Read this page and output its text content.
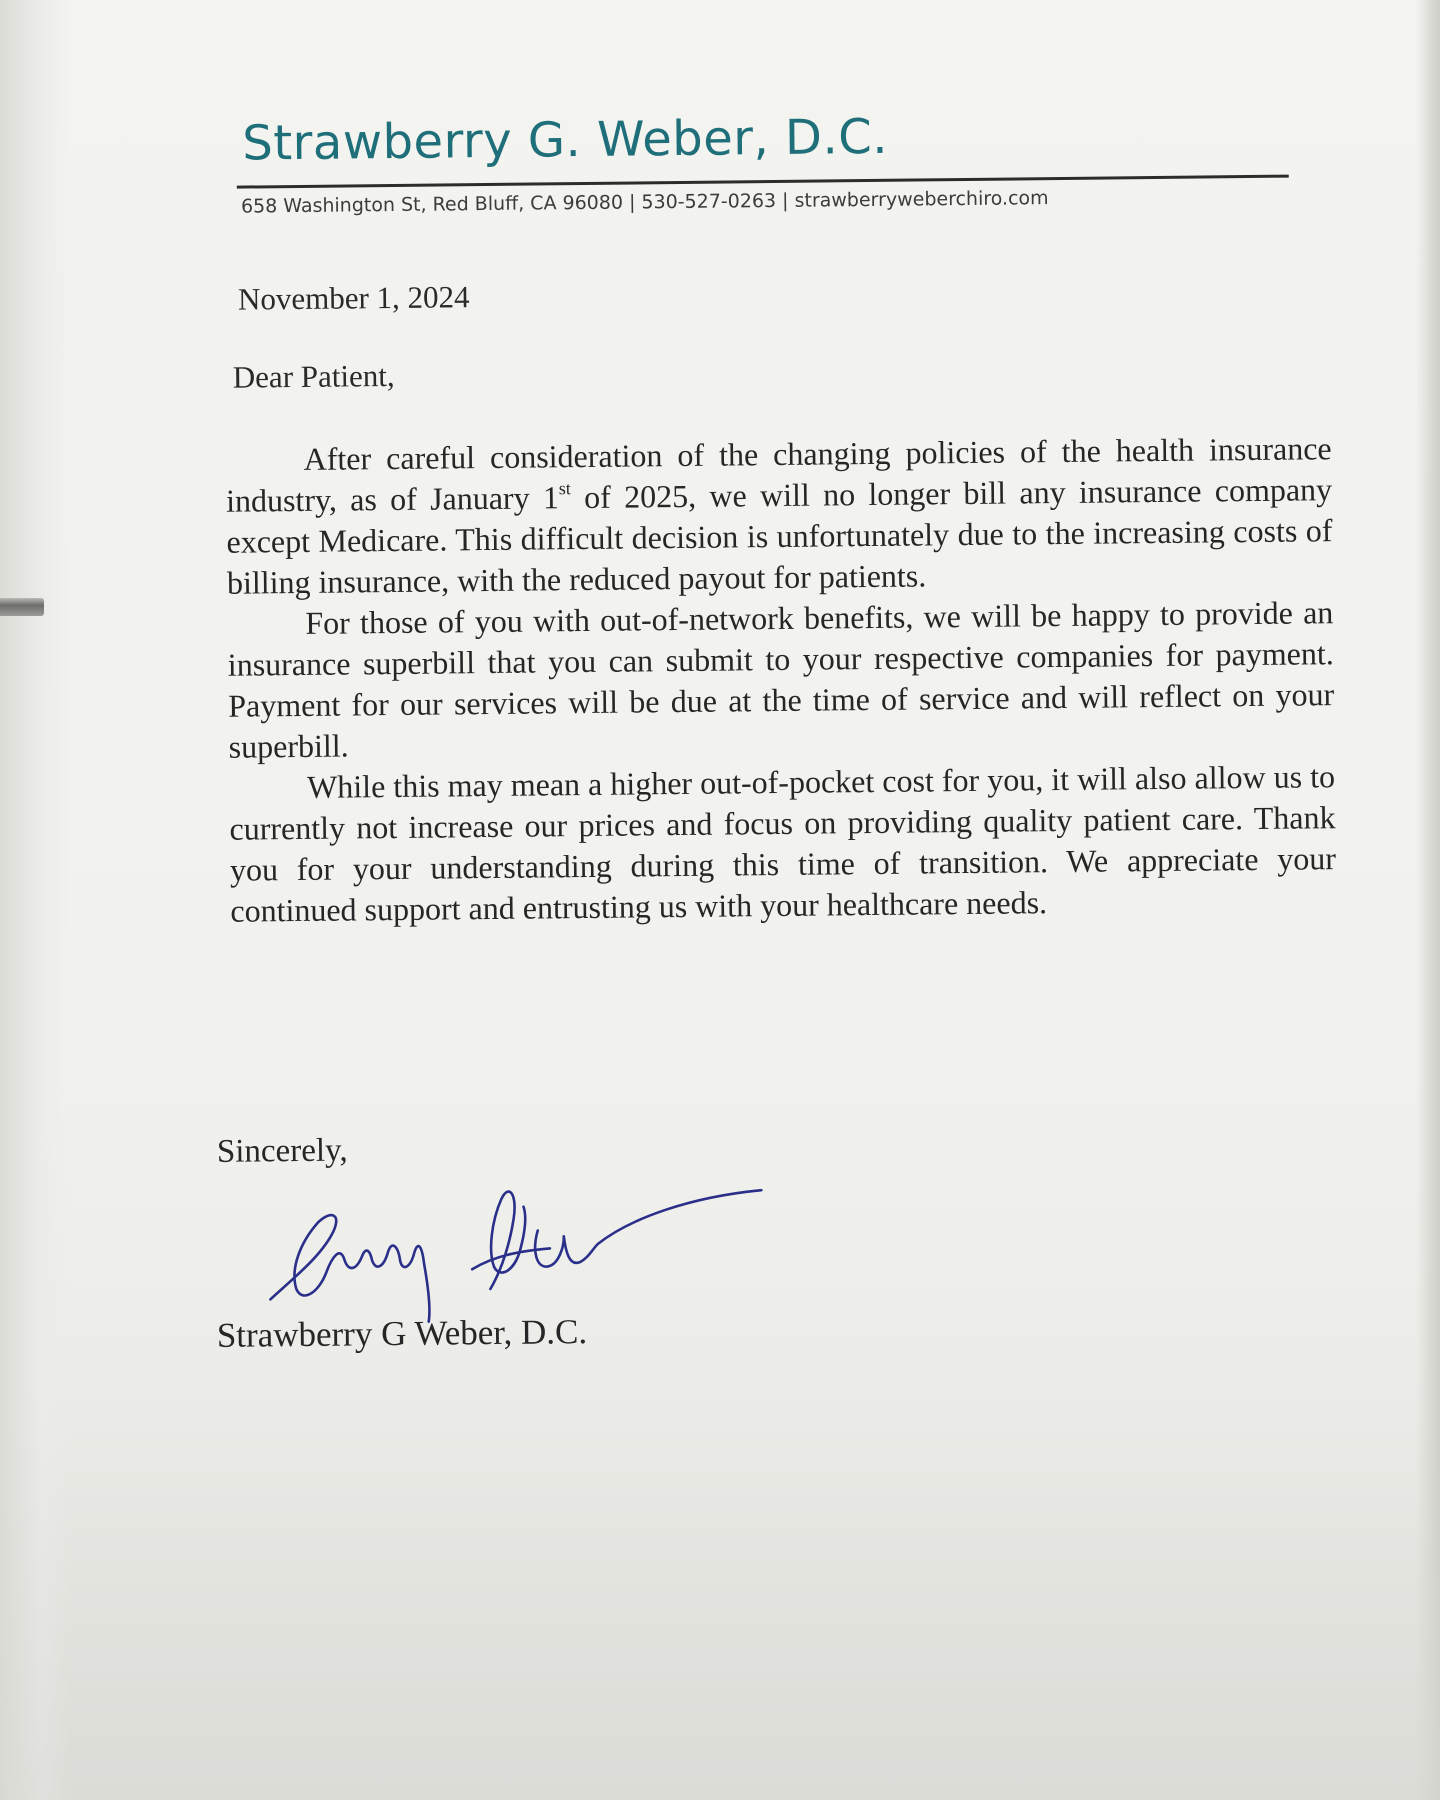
Strawberry G. Weber, D.C.
658 Washington St, Red Bluff, CA 96080 | 530-527-0263 | strawberryweberchiro.com
November 1, 2024
Dear Patient,

After careful consideration of the changing policies of the health insurance industry, as of January 1st of 2025, we will no longer bill any insurance company except Medicare. This difficult decision is unfortunately due to the increasing costs of billing insurance, with the reduced payout for patients.

For those of you with out-of-network benefits, we will be happy to provide an insurance superbill that you can submit to your respective companies for payment. Payment for our services will be due at the time of service and will reflect on your superbill.

While this may mean a higher out-of-pocket cost for you, it will also allow us to currently not increase our prices and focus on providing quality patient care. Thank you for your understanding during this time of transition. We appreciate your continued support and entrusting us with your healthcare needs.

Sincerely,
Strawberry G Weber, D.C.
